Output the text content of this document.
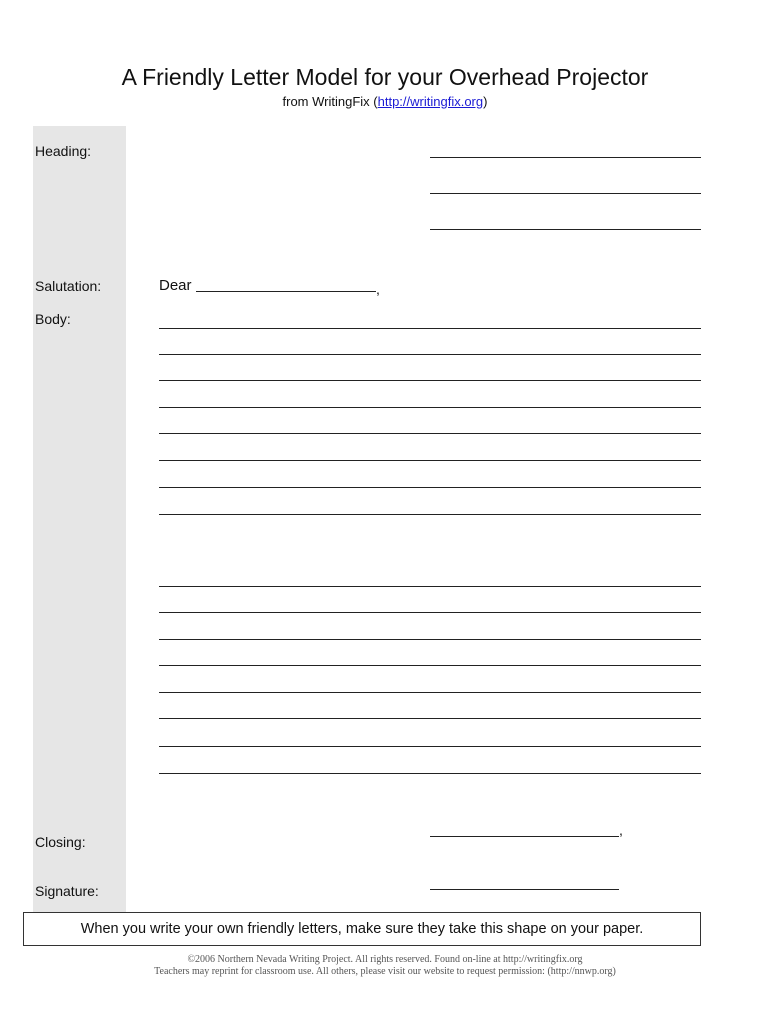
A Friendly Letter Model for your Overhead Projector
from WritingFix (http://writingfix.org)
Heading:
Salutation:
Body:
Closing:
Signature:
Dear	,
,
When you write your own friendly letters, make sure they take this shape on your paper.
©2006 Northern Nevada Writing Project. All rights reserved. Found on-line at http://writingfix.org
Teachers may reprint for classroom use. All others, please visit our website to request permission: (http://nnwp.org)
